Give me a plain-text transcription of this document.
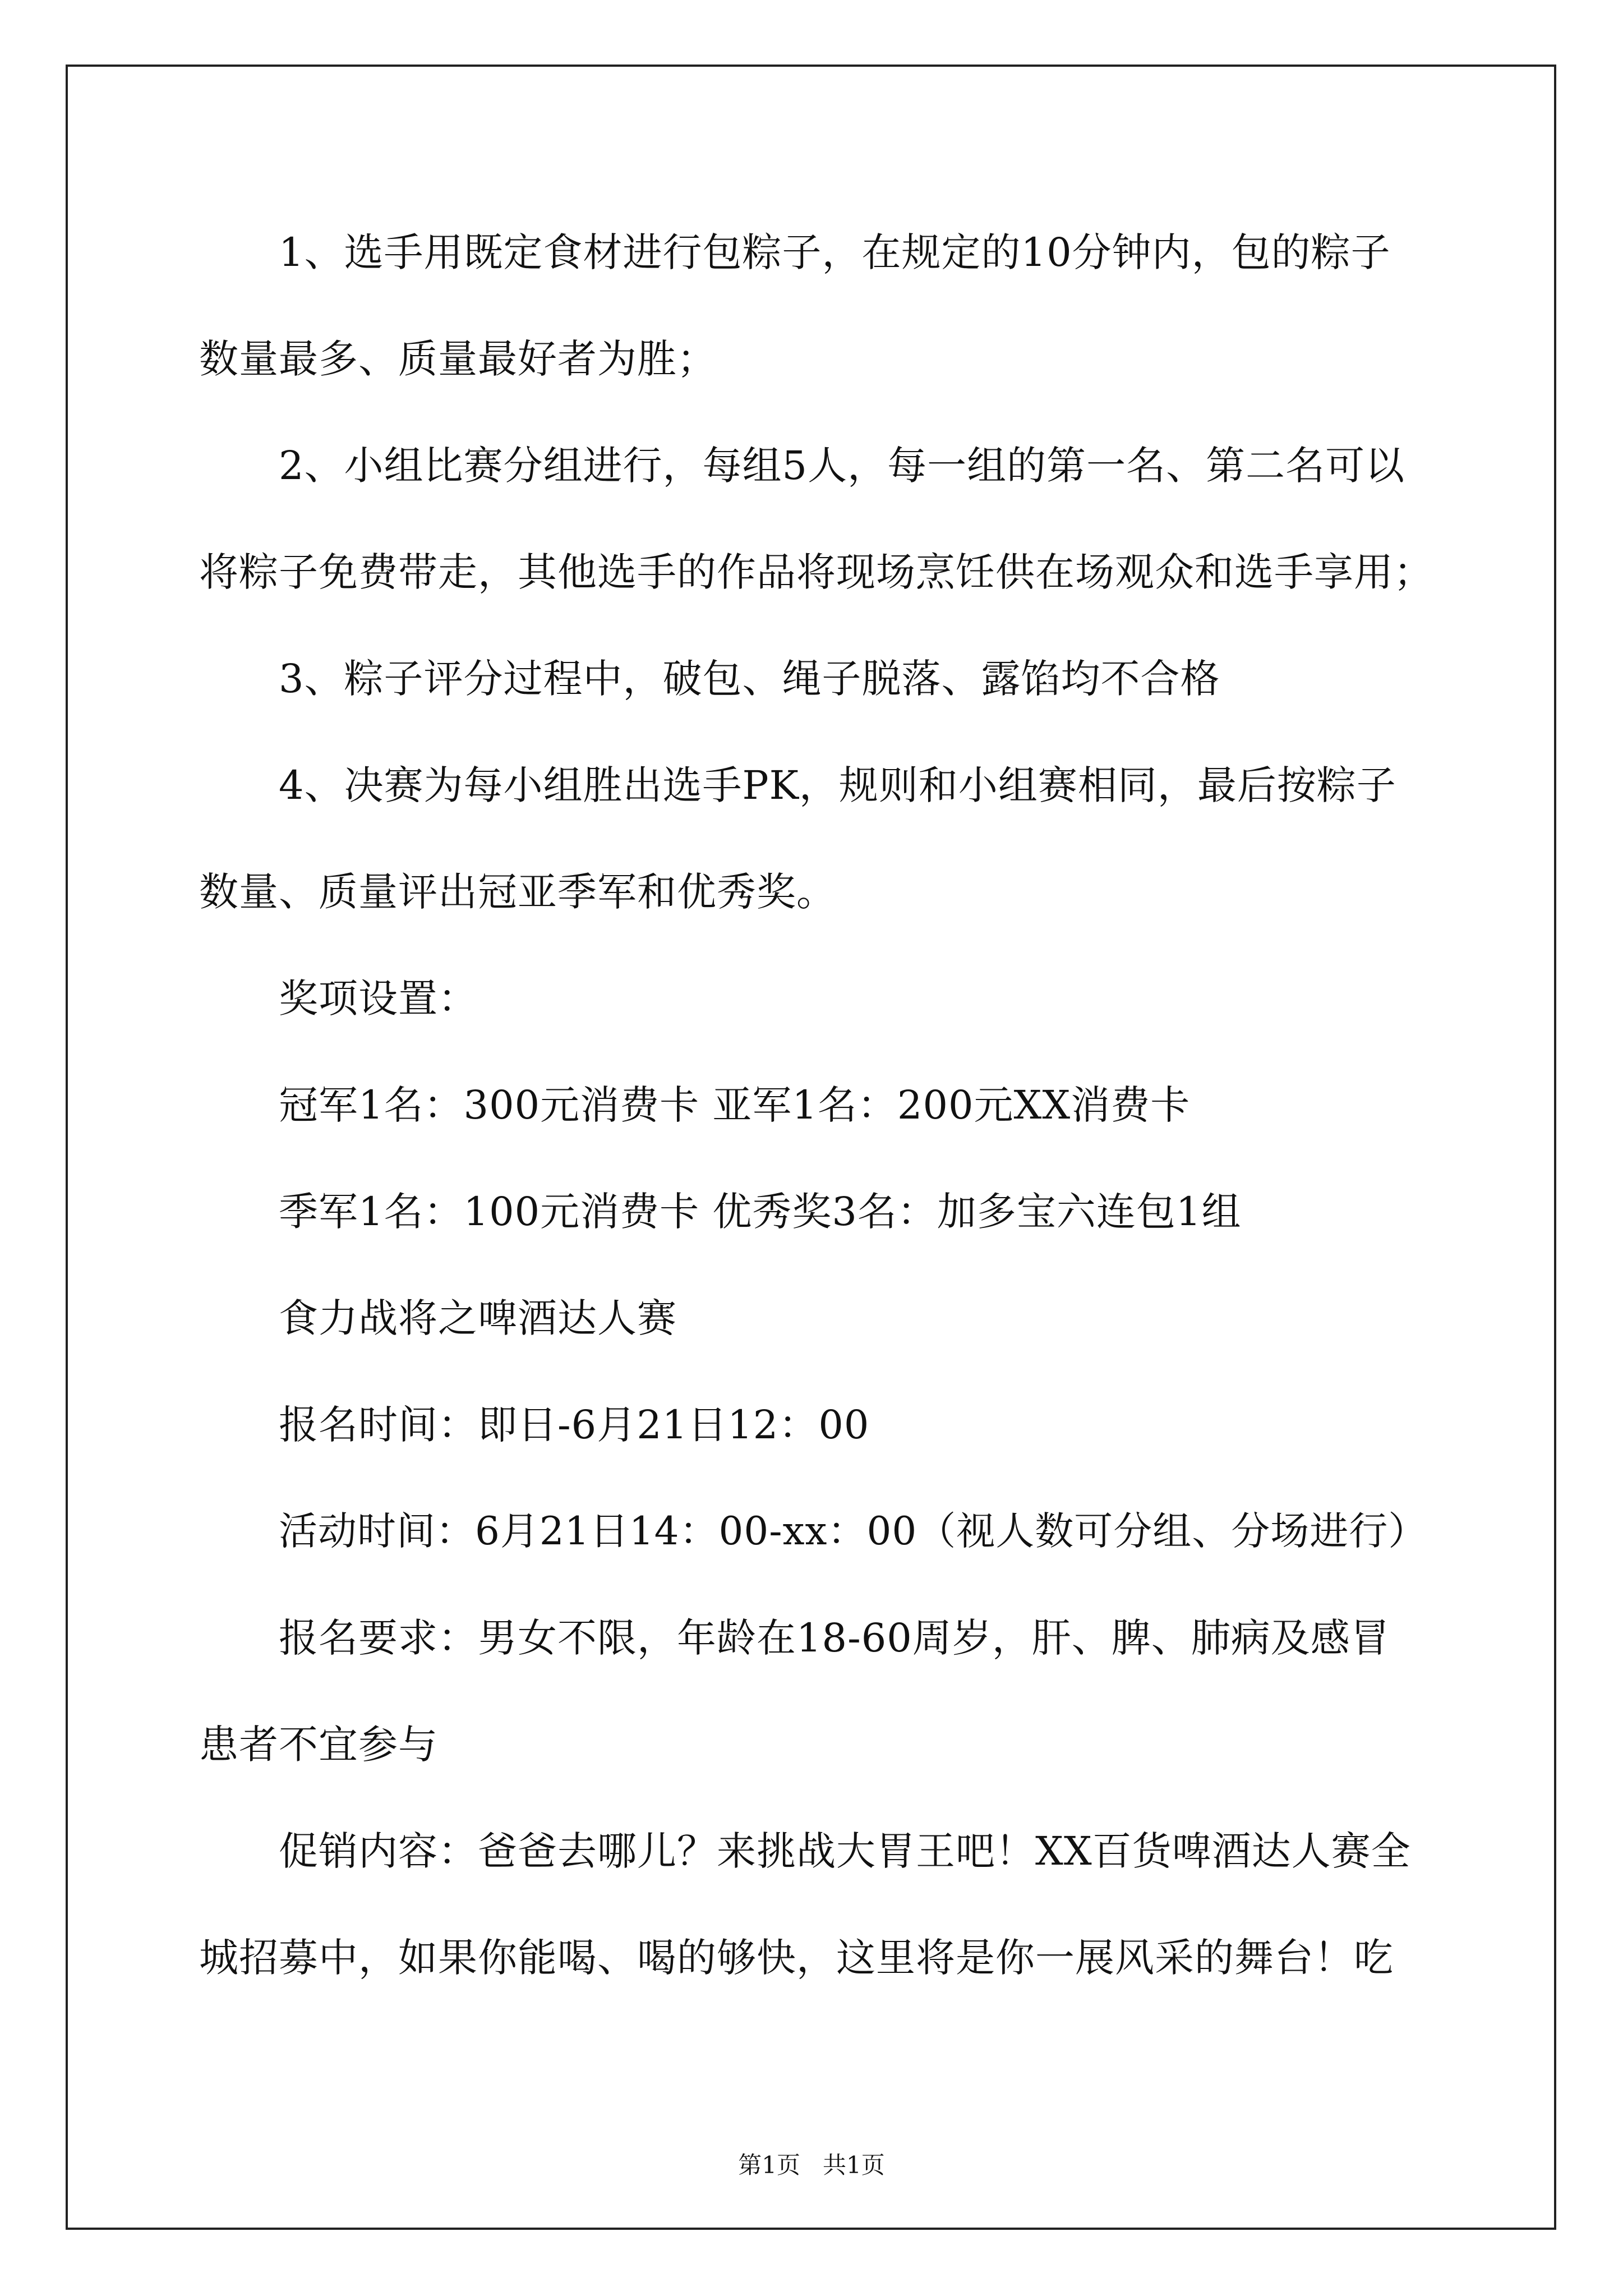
1、选手用既定食材进行包粽子，在规定的10分钟内，包的粽子
数量最多、质量最好者为胜；
2、小组比赛分组进行，每组5人，每一组的第一名、第二名可以
将粽子免费带走，其他选手的作品将现场烹饪供在场观众和选手享用；
3、粽子评分过程中，破包、绳子脱落、露馅均不合格
4、决赛为每小组胜出选手PK，规则和小组赛相同，最后按粽子
数量、质量评出冠亚季军和优秀奖。
奖项设置：
冠军1名：300元消费卡 亚军1名：200元XX消费卡
季军1名：100元消费卡 优秀奖3名：加多宝六连包1组
食力战将之啤酒达人赛
报名时间：即日-6月21日12：00
活动时间：6月21日14：00-xx：00（视人数可分组、分场进行）
报名要求：男女不限，年龄在18-60周岁，肝、脾、肺病及感冒
患者不宜参与
促销内容：爸爸去哪儿？来挑战大胃王吧！XX百货啤酒达人赛全
城招募中，如果你能喝、喝的够快，这里将是你一展风采的舞台！吃
第1页   共1页
